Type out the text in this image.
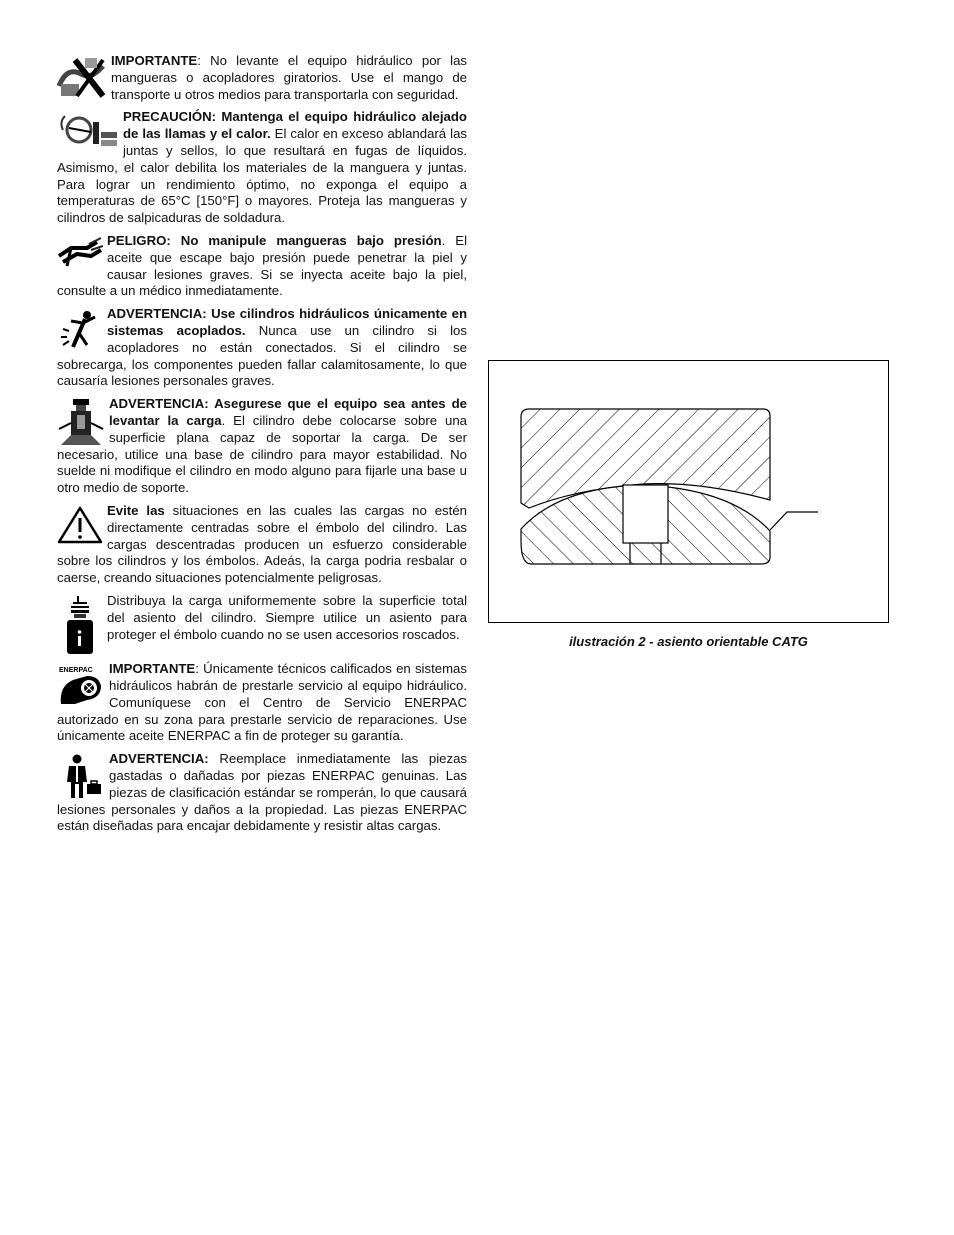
IMPORTANTE: No levante el equipo hidráulico por las mangueras o acopladores giratorios. Use el mango de transporte u otros medios para transportarla con seguridad.

PRECAUCIÓN: Mantenga el equipo hidráulico alejado de las llamas y el calor. El calor en exceso ablandará las juntas y sellos, lo que resultará en fugas de líquidos. Asimismo, el calor debilita los materiales de la manguera y juntas. Para lograr un rendimiento óptimo, no exponga el equipo a temperaturas de 65°C [150°F] o mayores. Proteja las mangueras y cilindros de salpicaduras de soldadura.

PELIGRO: No manipule mangueras bajo presión. El aceite que escape bajo presión puede penetrar la piel y causar lesiones graves. Si se inyecta aceite bajo la piel, consulte a un médico inmediatamente.

ADVERTENCIA: Use cilindros hidráulicos únicamente en sistemas acoplados. Nunca use un cilindro si los acopladores no están conectados. Si el cilindro se sobrecarga, los componentes pueden fallar calamitosamente, lo que causaría lesiones personales graves.

ADVERTENCIA: Asegurese que el equipo sea antes de levantar la carga. El cilindro debe colocarse sobre una superficie plana capaz de soportar la carga. De ser necesario, utilice una base de cilindro para mayor estabilidad. No suelde ni modifique el cilindro en modo alguno para fijarle una base u otro medio de soporte.

Evite las situaciones en las cuales las cargas no estén directamente centradas sobre el émbolo del cilindro. Las cargas descentradas producen un esfuerzo considerable sobre los cilindros y los émbolos. Adeás, la carga podria resbalar o caerse, creando situaciones potencialmente peligrosas.

Distribuya la carga uniformemente sobre la superficie total del asiento del cilindro. Siempre utilice un asiento para proteger el émbolo cuando no se usen accesorios roscados.

ENERPAC IMPORTANTE: Únicamente técnicos calificados en sistemas hidráulicos habrán de prestarle servicio al equipo hidráulico. Comuníquese con el Centro de Servicio ENERPAC autorizado en su zona para prestarle servicio de reparaciones. Use únicamente aceite ENERPAC a fin de proteger su garantía.

ADVERTENCIA: Reemplace inmediatamente las piezas gastadas o dañadas por piezas ENERPAC genuinas. Las piezas de clasificación estándar se romperán, lo que causará lesiones personales y daños a la propiedad. Las piezas ENERPAC están diseñadas para encajar debidamente y resistir altas cargas.

ilustración 2 - asiento orientable CATG
